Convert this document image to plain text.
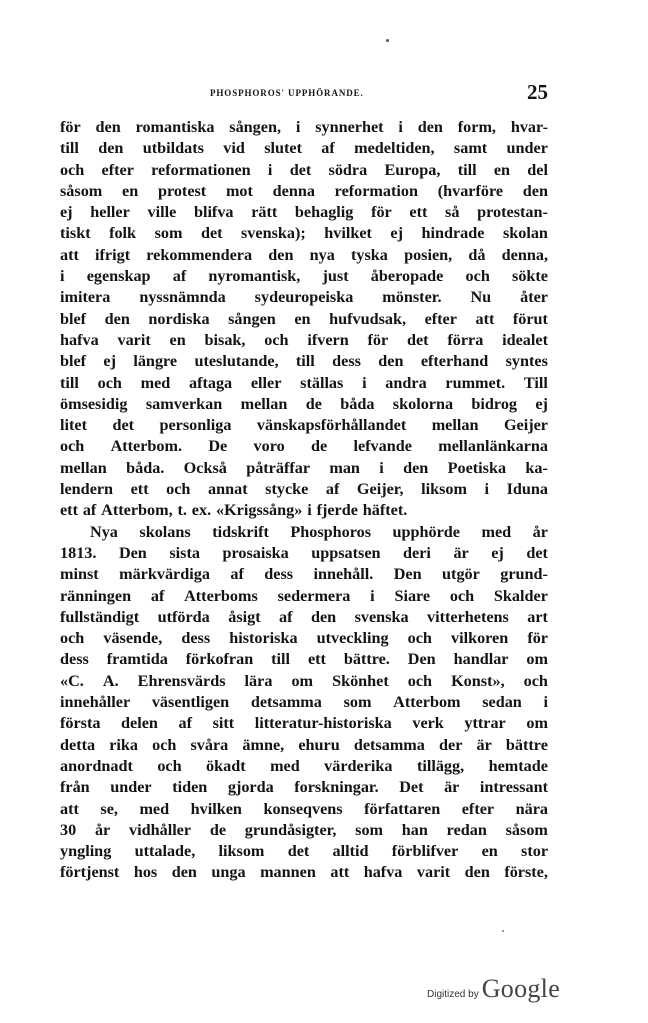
PHOSPHOROS' UPPHÖRANDE.	25
för den romantiska sången, i synnerhet i den form, hvar-
till den utbildats vid slutet af medeltiden, samt under
och efter reformationen i det södra Europa, till en del
såsom en protest mot denna reformation (hvarföre den
ej heller ville blifva rätt behaglig för ett så protestan-
tiskt folk som det svenska); hvilket ej hindrade skolan
att ifrigt rekommendera den nya tyska posien, då denna,
i egenskap af nyromantisk, just åberopade och sökte
imitera nyssnämnda sydeuropeiska mönster. Nu åter
blef den nordiska sången en hufvudsak, efter att förut
hafva varit en bisak, och ifvern för det förra idealet
blef ej längre uteslutande, till dess den efterhand syntes
till och med aftaga eller ställas i andra rummet. Till
ömsesidig samverkan mellan de båda skolorna bidrog ej
litet det personliga vänskapsförhållandet mellan Geijer
och Atterbom. De voro de lefvande mellanlänkarna
mellan båda. Också påträffar man i den Poetiska ka-
lendern ett och annat stycke af Geijer, liksom i Iduna
ett af Atterbom, t. ex. «Krigssång» i fjerde häftet.
Nya skolans tidskrift Phosphoros upphörde med år
1813. Den sista prosaiska uppsatsen deri är ej det
minst märkvärdiga af dess innehåll. Den utgör grund-
ränningen af Atterboms sedermera i Siare och Skalder
fullständigt utförda åsigt af den svenska vitterhetens art
och väsende, dess historiska utveckling och vilkoren för
dess framtida förkofran till ett bättre. Den handlar om
«C. A. Ehrensvärds lära om Skönhet och Konst», och
innehåller väsentligen detsamma som Atterbom sedan i
första delen af sitt litteratur-historiska verk yttrar om
detta rika och svåra ämne, ehuru detsamma der är bättre
anordnadt och ökadt med värderika tillägg, hemtade
från under tiden gjorda forskningar. Det är intressant
att se, med hvilken konseqvens författaren efter nära
30 år vidhåller de grundåsigter, som han redan såsom
yngling uttalade, liksom det alltid förblifver en stor
förtjenst hos den unga mannen att hafva varit den förste,
Digitized by Google
